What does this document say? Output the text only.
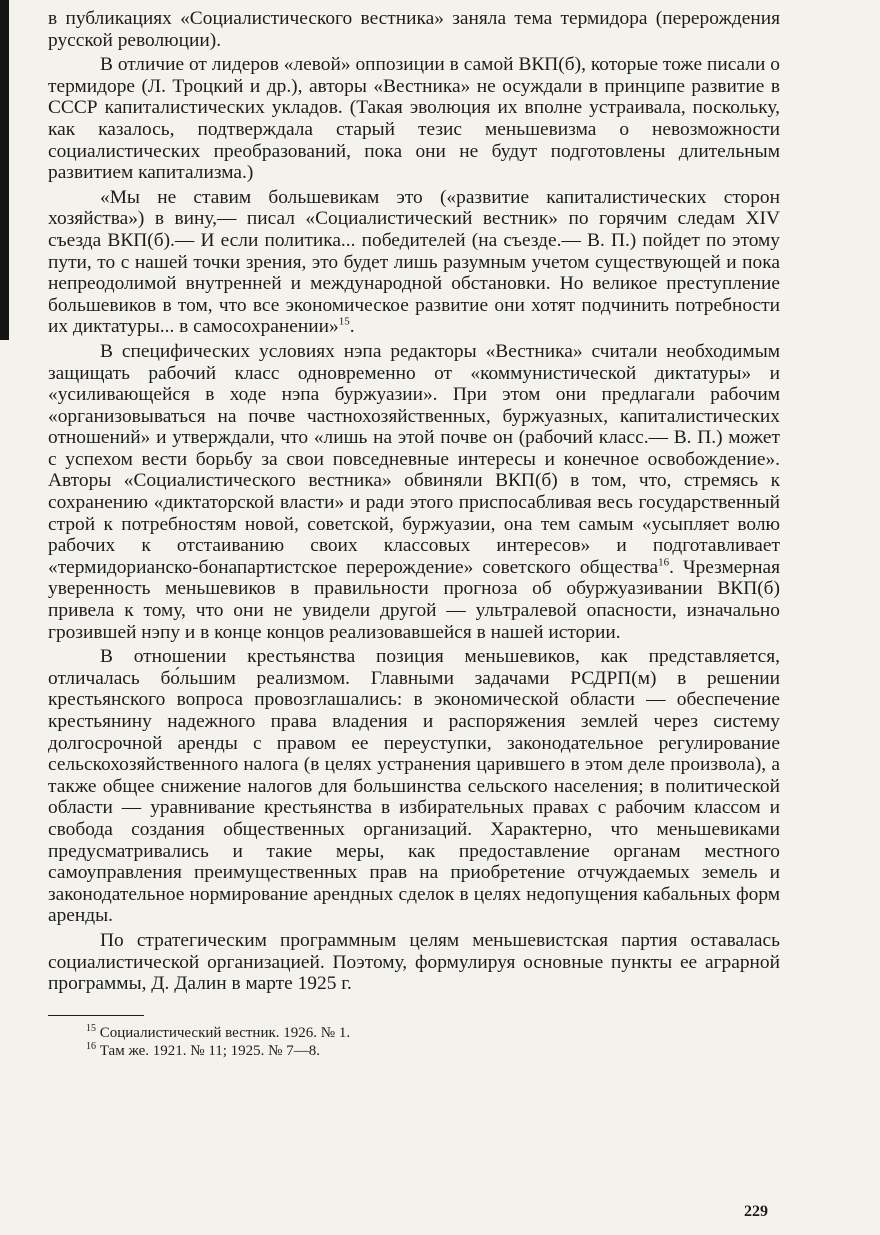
в публикациях «Социалистического вестника» заняла тема термидора (перерождения русской революции).

В отличие от лидеров «левой» оппозиции в самой ВКП(б), которые тоже писали о термидоре (Л. Троцкий и др.), авторы «Вестника» не осуждали в принципе развитие в СССР капиталистических укладов. (Такая эволюция их вполне устраивала, поскольку, как казалось, подтверждала старый тезис меньшевизма о невозможности социалистических преобразований, пока они не будут подготовлены длительным развитием капитализма.)

«Мы не ставим большевикам это («развитие капиталистических сторон хозяйства») в вину,— писал «Социалистический вестник» по горячим следам XIV съезда ВКП(б).— И если политика... победителей (на съезде.— В. П.) пойдет по этому пути, то с нашей точки зрения, это будет лишь разумным учетом существующей и пока непреодолимой внутренней и международной обстановки. Но великое преступление большевиков в том, что все экономическое развитие они хотят подчинить потребности их диктатуры... в самосохранении»$^{15}$.

В специфических условиях нэпа редакторы «Вестника» считали необходимым защищать рабочий класс одновременно от «коммунистической диктатуры» и «усиливающейся в ходе нэпа буржуазии». При этом они предлагали рабочим «организовываться на почве частнохозяйственных, буржуазных, капиталистических отношений» и утверждали, что «лишь на этой почве он (рабочий класс.— В. П.) может с успехом вести борьбу за свои повседневные интересы и конечное освобождение». Авторы «Социалистического вестника» обвиняли ВКП(б) в том, что, стремясь к сохранению «диктаторской власти» и ради этого приспосабливая весь государственный строй к потребностям новой, советской, буржуазии, она тем самым «усыпляет волю рабочих к отстаиванию своих классовых интересов» и подготавливает «термидорианско-бонапартистское перерождение» советского общества$^{16}$. Чрезмерная уверенность меньшевиков в правильности прогноза об обуржуазивании ВКП(б) привела к тому, что они не увидели другой — ультралевой опасности, изначально грозившей нэпу и в конце концов реализовавшейся в нашей истории.

В отношении крестьянства позиция меньшевиков, как представляется, отличалась бо́льшим реализмом. Главными задачами РСДРП(м) в решении крестьянского вопроса провозглашались: в экономической области — обеспечение крестьянину надежного права владения и распоряжения землей через систему долгосрочной аренды с правом ее переуступки, законодательное регулирование сельскохозяйственного налога (в целях устранения царившего в этом деле произвола), а также общее снижение налогов для большинства сельского населения; в политической области — уравнивание крестьянства в избирательных правах с рабочим классом и свобода создания общественных организаций. Характерно, что меньшевиками предусматривались и такие меры, как предоставление органам местного самоуправления преимущественных прав на приобретение отчуждаемых земель и законодательное нормирование арендных сделок в целях недопущения кабальных форм аренды.

По стратегическим программным целям меньшевистская партия оставалась социалистической организацией. Поэтому, формулируя основные пункты ее аграрной программы, Д. Далин в марте 1925 г.

$^{15}$ Социалистический вестник. 1926. № 1.
$^{16}$ Там же. 1921. № 11; 1925. № 7—8.
229
